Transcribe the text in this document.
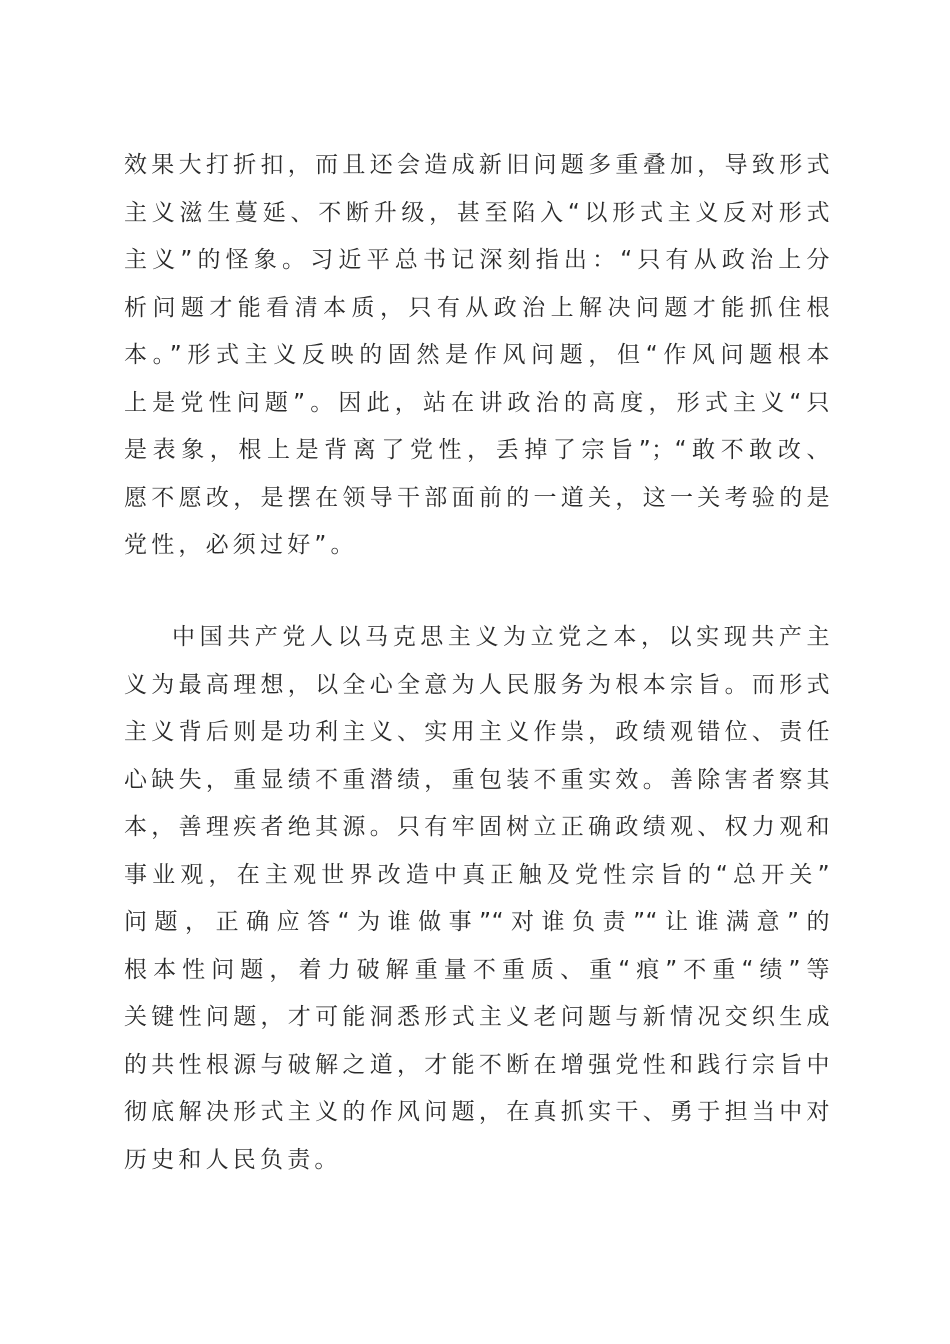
效果大打折扣，而且还会造成新旧问题多重叠加，导致形式
主义滋生蔓延、不断升级，甚至陷入“以形式主义反对形式
主义”的怪象。习近平总书记深刻指出：“只有从政治上分
析问题才能看清本质，只有从政治上解决问题才能抓住根
本。”形式主义反映的固然是作风问题，但“作风问题根本
上是党性问题”。因此，站在讲政治的高度，形式主义“只
是表象，根上是背离了党性，丢掉了宗旨”；“敢不敢改、
愿不愿改，是摆在领导干部面前的一道关，这一关考验的是
党性，必须过好”。
中国共产党人以马克思主义为立党之本，以实现共产主
义为最高理想，以全心全意为人民服务为根本宗旨。而形式
主义背后则是功利主义、实用主义作祟，政绩观错位、责任
心缺失，重显绩不重潜绩，重包装不重实效。善除害者察其
本，善理疾者绝其源。只有牢固树立正确政绩观、权力观和
事业观，在主观世界改造中真正触及党性宗旨的“总开关”
问题，正确应答“为谁做事”“对谁负责”“让谁满意”的
根本性问题，着力破解重量不重质、重“痕”不重“绩”等
关键性问题，才可能洞悉形式主义老问题与新情况交织生成
的共性根源与破解之道，才能不断在增强党性和践行宗旨中
彻底解决形式主义的作风问题，在真抓实干、勇于担当中对
历史和人民负责。
